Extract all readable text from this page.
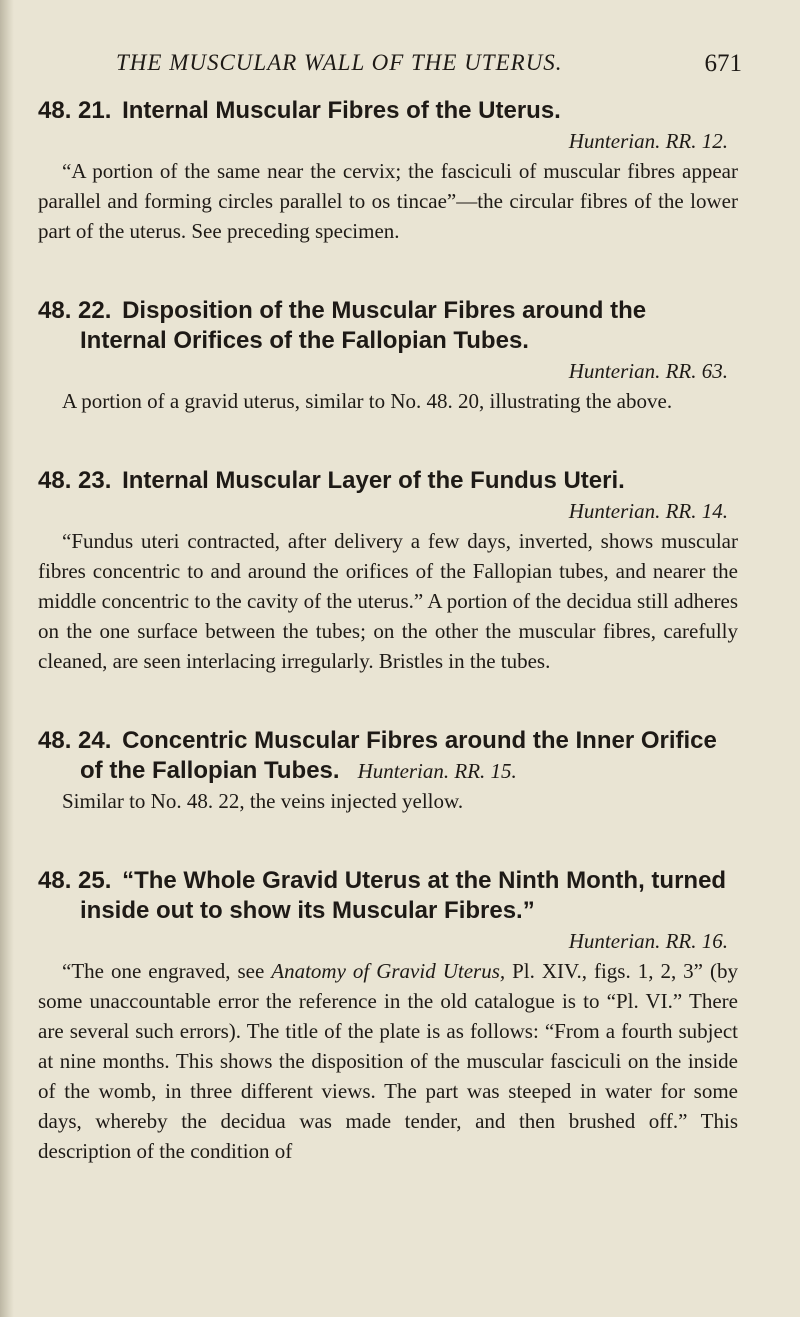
THE MUSCULAR WALL OF THE UTERUS.	671
48. 21. Internal Muscular Fibres of the Uterus.

Hunterian. RR. 12.

“A portion of the same near the cervix; the fasciculi of muscular fibres appear parallel and forming circles parallel to os tincae”—the circular fibres of the lower part of the uterus. See preceding specimen.

48. 22. Disposition of the Muscular Fibres around the Internal Orifices of the Fallopian Tubes.

Hunterian. RR. 63.

A portion of a gravid uterus, similar to No. 48. 20, illustrating the above.

48. 23. Internal Muscular Layer of the Fundus Uteri.

Hunterian. RR. 14.

“Fundus uteri contracted, after delivery a few days, inverted, shows muscular fibres concentric to and around the orifices of the Fallopian tubes, and nearer the middle concentric to the cavity of the uterus.” A portion of the decidua still adheres on the one surface between the tubes; on the other the muscular fibres, carefully cleaned, are seen interlacing irregularly. Bristles in the tubes.

48. 24. Concentric Muscular Fibres around the Inner Orifice of the Fallopian Tubes. Hunterian. RR. 15.

Similar to No. 48. 22, the veins injected yellow.

48. 25. “The Whole Gravid Uterus at the Ninth Month, turned inside out to show its Muscular Fibres.”

Hunterian. RR. 16.

“The one engraved, see Anatomy of Gravid Uterus, Pl. XIV., figs. 1, 2, 3” (by some unaccountable error the reference in the old catalogue is to “Pl. VI.” There are several such errors). The title of the plate is as follows: “From a fourth subject at nine months. This shows the disposition of the muscular fasciculi on the inside of the womb, in three different views. The part was steeped in water for some days, whereby the decidua was made tender, and then brushed off.” This description of the condition of
